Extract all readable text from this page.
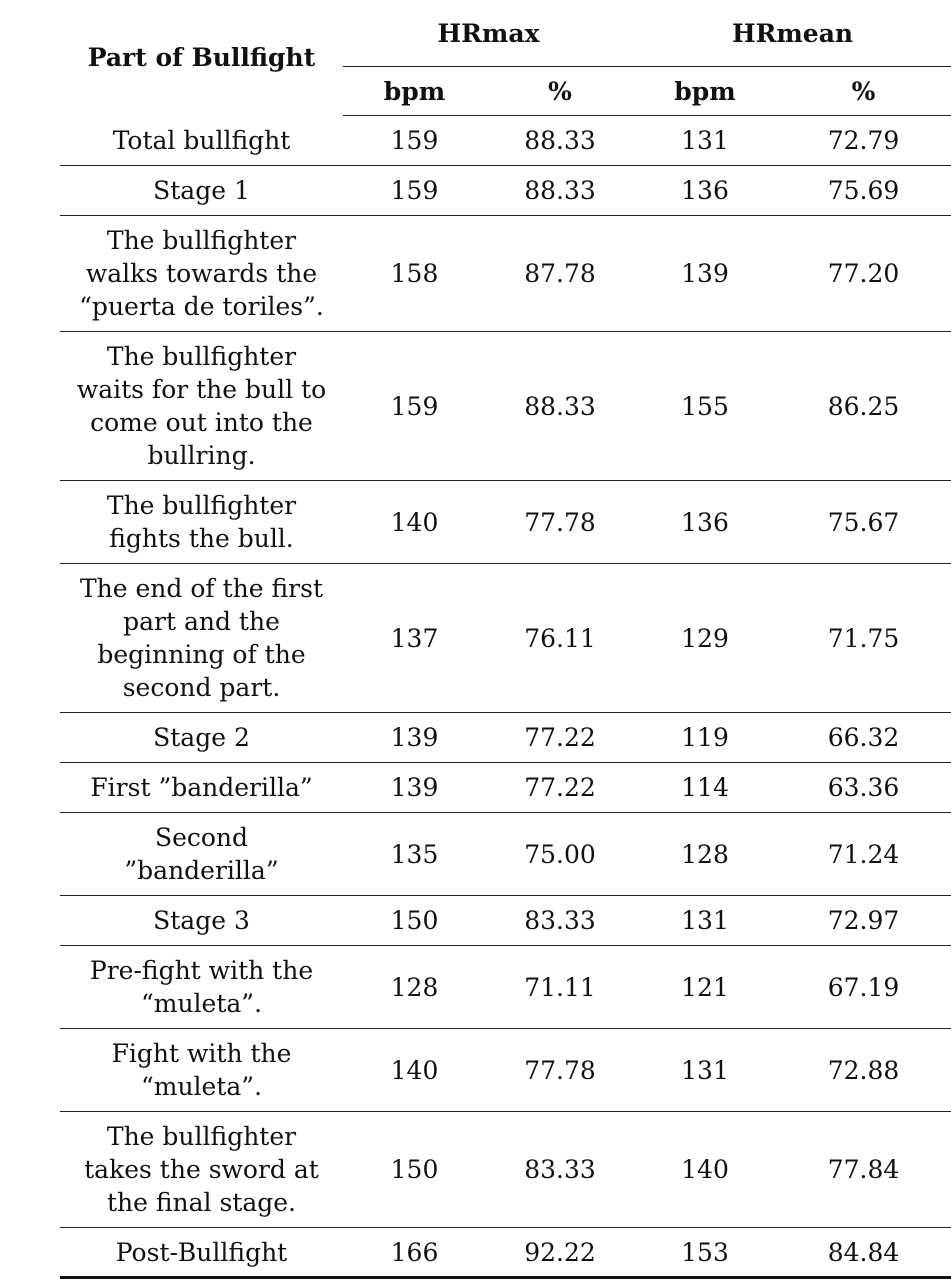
Part of Bullfight	HRmax		HRmean	
	bpm	%	bpm	%
Total bullfight	159	88.33	131	72.79
Stage 1	159	88.33	136	75.69
The bullfighter walks towards the “puerta de toriles”.	158	87.78	139	77.20
The bullfighter waits for the bull to come out into the bullring.	159	88.33	155	86.25
The bullfighter fights the bull.	140	77.78	136	75.67
The end of the first part and the beginning of the second part.	137	76.11	129	71.75
Stage 2	139	77.22	119	66.32
First ”banderilla”	139	77.22	114	63.36
Second ”banderilla”	135	75.00	128	71.24
Stage 3	150	83.33	131	72.97
Pre-fight with the “muleta”.	128	71.11	121	67.19
Fight with the “muleta”.	140	77.78	131	72.88
The bullfighter takes the sword at the final stage.	150	83.33	140	77.84
Post-Bullfight	166	92.22	153	84.84
